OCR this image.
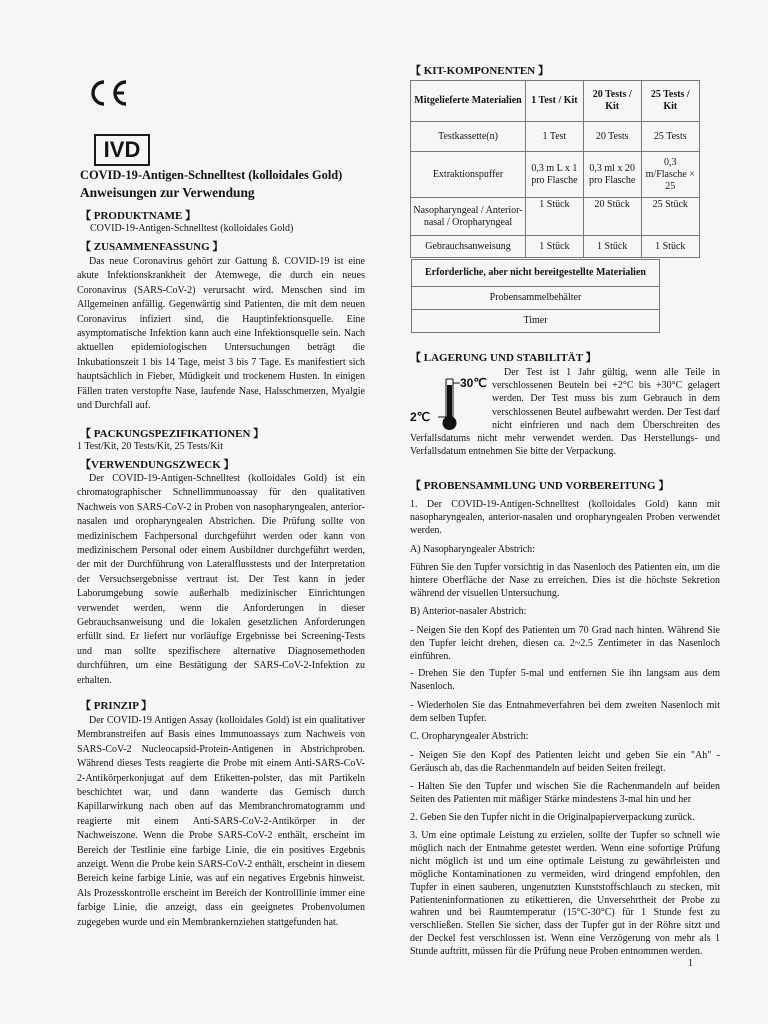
IVD
COVID-19-Antigen-Schnelltest (kolloidales Gold)
Anweisungen zur Verwendung
【 PRODUKTNAME 】
COVID-19-Antigen-Schnelltest (kolloidales Gold)
【 ZUSAMMENFASSUNG 】
Das neue Coronavirus gehört zur Gattung ß. COVID-19 ist eine akute Infektionskrankheit der Atemwege, die durch ein neues Coronavirus (SARS-CoV-2) verursacht wird. Menschen sind im Allgemeinen anfällig. Gegenwärtig sind Patienten, die mit dem neuen Coronavirus infiziert sind, die Hauptinfektionsquelle. Eine asymptomatische Infektion kann auch eine Infektionsquelle sein. Nach aktuellen epidemiologischen Untersuchungen beträgt die Inkubationszeit 1 bis 14 Tage, meist 3 bis 7 Tage. Es manifestiert sich hauptsächlich in Fieber, Müdigkeit und trockenem Husten. In einigen Fällen traten verstopfte Nase, laufende Nase, Halsschmerzen, Myalgie und Durchfall auf.
【 PACKUNGSPEZIFIKATIONEN 】
1 Test/Kit, 20 Tests/Kit, 25 Tests/Kit
【VERWENDUNGSZWECK 】
Der COVID-19-Antigen-Schnelltest (kolloidales Gold) ist ein chromatographischer Schnellimmunoassay für den qualitativen Nachweis von SARS-CoV-2 in Proben von nasopharyngealen, anterior-nasalen und oropharyngealen Abstrichen. Die Prüfung sollte von medizinischem Fachpersonal durchgeführt werden oder kann von medizinischem Personal oder einem Ausbildner durchgeführt werden, der mit der Durchführung von Lateralflusstests und der Interpretation der Versuchsergebnisse vertraut ist. Der Test kann in jeder Laborumgebung sowie außerhalb medizinischer Einrichtungen verwendet werden, wenn die Anforderungen in dieser Gebrauchsanweisung und die lokalen gesetzlichen Anforderungen erfüllt sind. Er liefert nur vorläufige Ergebnisse bei Screening-Tests und man sollte spezifischere alternative Diagnosemethoden durchführen, um eine Bestätigung der SARS-CoV-2-Infektion zu erhalten.
【 PRINZIP 】
Der COVID-19 Antigen Assay (kolloidales Gold) ist ein qualitativer Membranstreifen auf Basis eines Immunoassays zum Nachweis von SARS-CoV-2 Nucleocapsid-Protein-Antigenen in Abstrichproben. Während dieses Tests reagierte die Probe mit einem Anti-SARS-CoV-2-Antikörperkonjugat auf dem Etiketten-polster, das mit Partikeln beschichtet war, und dann wanderte das Gemisch durch Kapillarwirkung nach oben auf das Membranchromatogramm und reagierte mit einem Anti-SARS-CoV-2-Antikörper in der Nachweiszone. Wenn die Probe SARS-CoV-2 enthält, erscheint im Bereich der Testlinie eine farbige Linie, die ein positives Ergebnis anzeigt. Wenn die Probe kein SARS-CoV-2 enthält, erscheint in diesem Bereich keine farbige Linie, was auf ein negatives Ergebnis hinweist. Als Prozesskontrolle erscheint im Bereich der Kontrolllinie immer eine farbige Linie, die anzeigt, dass ein geeignetes Probenvolumen zugegeben wurde und ein Membrankernziehen stattgefunden hat.
【 KIT-KOMPONENTEN 】
Mitgelieferte Materialien	1 Test / Kit	20 Tests / Kit	25 Tests / Kit
Testkassette(n)	1 Test	20 Tests	25 Tests
Extraktionspuffer	0,3 m L x 1 pro Flasche	0,3 ml x 20 pro Flasche	0,3 m/Flasche × 25
Nasopharyngeal / Anterior-nasal / Oropharyngeal	1 Stück	20 Stück	25 Stück
Gebrauchsanweisung	1 Stück	1 Stück	1 Stück
Erforderliche, aber nicht bereitgestellte Materialien
Probensammelbehälter
Timer
【 LAGERUNG UND STABILITÄT 】
30℃
2℃
Der Test ist 1 Jahr gültig, wenn alle Teile in verschlossenen Beuteln bei +2°C bis +30°C gelagert werden. Der Test muss bis zum Gebrauch in dem verschlossenen Beutel aufbewahrt werden. Der Test darf nicht einfrieren und nach dem Überschreiten des Verfallsdatums nicht mehr verwendet werden. Das Herstellungs- und Verfallsdatum entnehmen Sie bitte der Verpackung.
【 PROBENSAMMLUNG UND VORBEREITUNG 】
1. Der COVID-19-Antigen-Schnelltest (kolloidales Gold) kann mit nasopharyngealen, anterior-nasalen und oropharyngealen Proben verwendet werden.
A) Nasopharyngealer Abstrich:
Führen Sie den Tupfer vorsichtig in das Nasenloch des Patienten ein, um die hintere Oberfläche der Nase zu erreichen. Dies ist die höchste Sekretion während der visuellen Untersuchung.
B) Anterior-nasaler Abstrich:
- Neigen Sie den Kopf des Patienten um 70 Grad nach hinten. Während Sie den Tupfer leicht drehen, diesen ca. 2~2.5 Zentimeter in das Nasenloch einführen.
- Drehen Sie den Tupfer 5-mal und entfernen Sie ihn langsam aus dem Nasenloch.
- Wiederholen Sie das Entnahmeverfahren bei dem zweiten Nasenloch mit dem selben Tupfer.
C. Oropharyngealer Abstrich:
- Neigen Sie den Kopf des Patienten leicht und geben Sie ein "Ah" - Geräusch ab, das die Rachenmandeln auf beiden Seiten freilegt.
- Halten Sie den Tupfer und wischen Sie die Rachenmandeln auf beiden Seiten des Patienten mit mäßiger Stärke mindestens 3-mal hin und her
2. Geben Sie den Tupfer nicht in die Originalpapierverpackung zurück.
3. Um eine optimale Leistung zu erzielen, sollte der Tupfer so schnell wie möglich nach der Entnahme getestet werden. Wenn eine sofortige Prüfung nicht möglich ist und um eine optimale Leistung zu gewährleisten und mögliche Kontaminationen zu vermeiden, wird dringend empfohlen, den Tupfer in einen sauberen, ungenutzten Kunststoffschlauch zu stecken, mit Patienteninformationen zu etikettieren, die Unversehrtheit der Probe zu wahren und bei Raumtemperatur (15°C-30°C) für 1 Stunde fest zu verschließen. Stellen Sie sicher, dass der Tupfer gut in der Röhre sitzt und der Deckel fest verschlossen ist. Wenn eine Verzögerung von mehr als 1 Stunde auftritt, müssen für die Prüfung neue Proben entnommen werden.
1
